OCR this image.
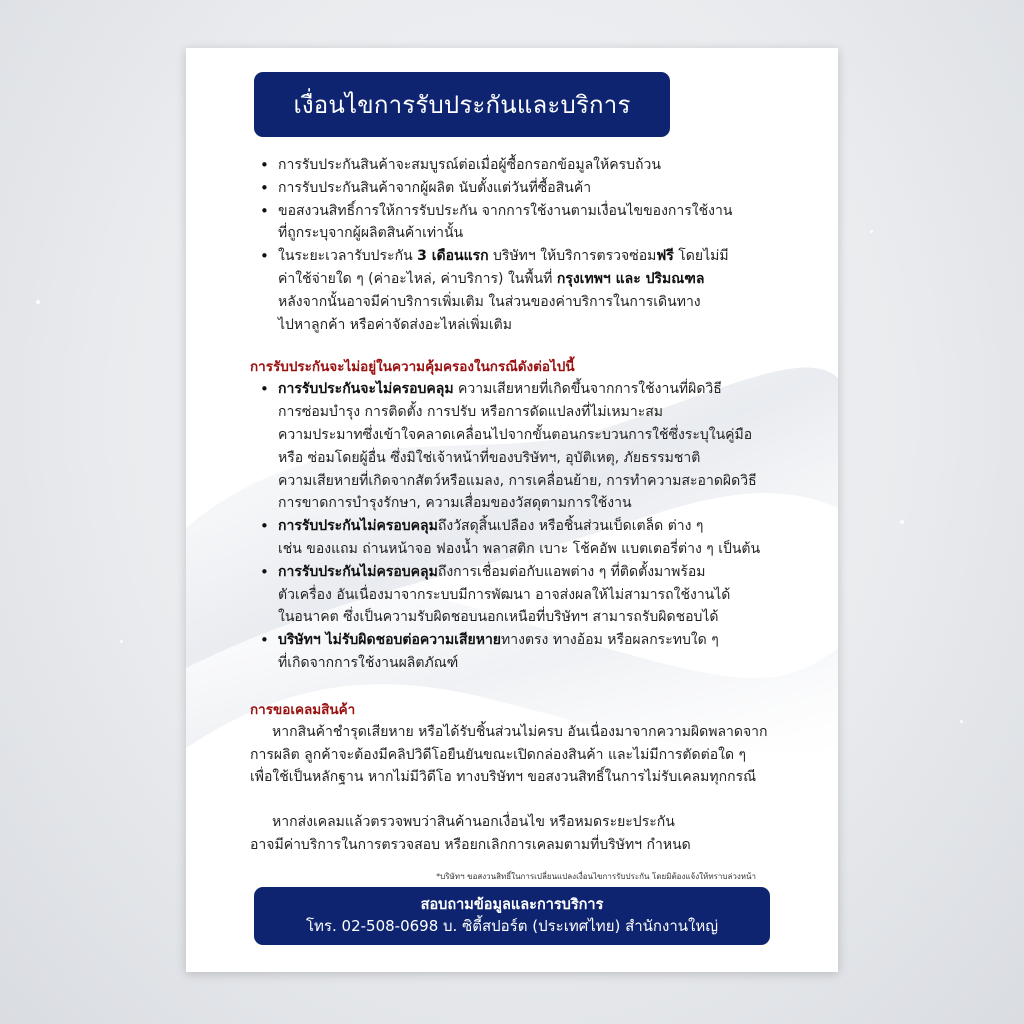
เงื่อนไขการรับประกันและบริการ
• การรับประกันสินค้าจะสมบูรณ์ต่อเมื่อผู้ซื้อกรอกข้อมูลให้ครบถ้วน
• การรับประกันสินค้าจากผู้ผลิต นับตั้งแต่วันที่ซื้อสินค้า
• ขอสงวนสิทธิ์การให้การรับประกัน จากการใช้งานตามเงื่อนไขของการใช้งาน
ที่ถูกระบุจากผู้ผลิตสินค้าเท่านั้น
• ในระยะเวลารับประกัน 3 เดือนแรก บริษัทฯ ให้บริการตรวจซ่อมฟรี โดยไม่มี
ค่าใช้จ่ายใด ๆ (ค่าอะไหล่, ค่าบริการ) ในพื้นที่ กรุงเทพฯ และ ปริมณฑล
หลังจากนั้นอาจมีค่าบริการเพิ่มเติม ในส่วนของค่าบริการในการเดินทาง
ไปหาลูกค้า หรือค่าจัดส่งอะไหล่เพิ่มเติม
การรับประกันจะไม่อยู่ในความคุ้มครองในกรณีดังต่อไปนี้
• การรับประกันจะไม่ครอบคลุม ความเสียหายที่เกิดขึ้นจากการใช้งานที่ผิดวิธี
การซ่อมบำรุง การติดตั้ง การปรับ หรือการดัดแปลงที่ไม่เหมาะสม
ความประมาทซึ่งเข้าใจคลาดเคลื่อนไปจากขั้นตอนกระบวนการใช้ซึ่งระบุในคู่มือ
หรือ ซ่อมโดยผู้อื่น ซึ่งมิใช่เจ้าหน้าที่ของบริษัทฯ, อุบัติเหตุ, ภัยธรรมชาติ
ความเสียหายที่เกิดจากสัตว์หรือแมลง, การเคลื่อนย้าย, การทำความสะอาดผิดวิธี
การขาดการบำรุงรักษา, ความเสื่อมของวัสดุตามการใช้งาน
• การรับประกันไม่ครอบคลุมถึงวัสดุสิ้นเปลือง หรือชิ้นส่วนเบ็ดเตล็ด ต่าง ๆ
เช่น ของแถม ถ่านหน้าจอ ฟองน้ำ พลาสติก เบาะ โช้คอัพ แบตเตอรี่ต่าง ๆ เป็นต้น
• การรับประกันไม่ครอบคลุมถึงการเชื่อมต่อกับแอพต่าง ๆ ที่ติดตั้งมาพร้อม
ตัวเครื่อง อันเนื่องมาจากระบบมีการพัฒนา อาจส่งผลให้ไม่สามารถใช้งานได้
ในอนาคต ซึ่งเป็นความรับผิดชอบนอกเหนือที่บริษัทฯ สามารถรับผิดชอบได้
• บริษัทฯ ไม่รับผิดชอบต่อความเสียหายทางตรง ทางอ้อม หรือผลกระทบใด ๆ
ที่เกิดจากการใช้งานผลิตภัณฑ์
การขอเคลมสินค้า
หากสินค้าชำรุดเสียหาย หรือได้รับชิ้นส่วนไม่ครบ อันเนื่องมาจากความผิดพลาดจาก
การผลิต ลูกค้าจะต้องมีคลิปวิดีโอยืนยันขณะเปิดกล่องสินค้า และไม่มีการตัดต่อใด ๆ
เพื่อใช้เป็นหลักฐาน หากไม่มีวิดีโอ ทางบริษัทฯ ขอสงวนสิทธิ์ในการไม่รับเคลมทุกกรณี
หากส่งเคลมแล้วตรวจพบว่าสินค้านอกเงื่อนไข หรือหมดระยะประกัน
อาจมีค่าบริการในการตรวจสอบ หรือยกเลิกการเคลมตามที่บริษัทฯ กำหนด
*บริษัทฯ ขอสงวนสิทธิ์ในการเปลี่ยนแปลงเงื่อนไขการรับประกัน โดยมิต้องแจ้งให้ทราบล่วงหน้า
สอบถามข้อมูลและการบริการ
โทร. 02-508-0698 บ. ซิตี้สปอร์ต (ประเทศไทย) สำนักงานใหญ่
